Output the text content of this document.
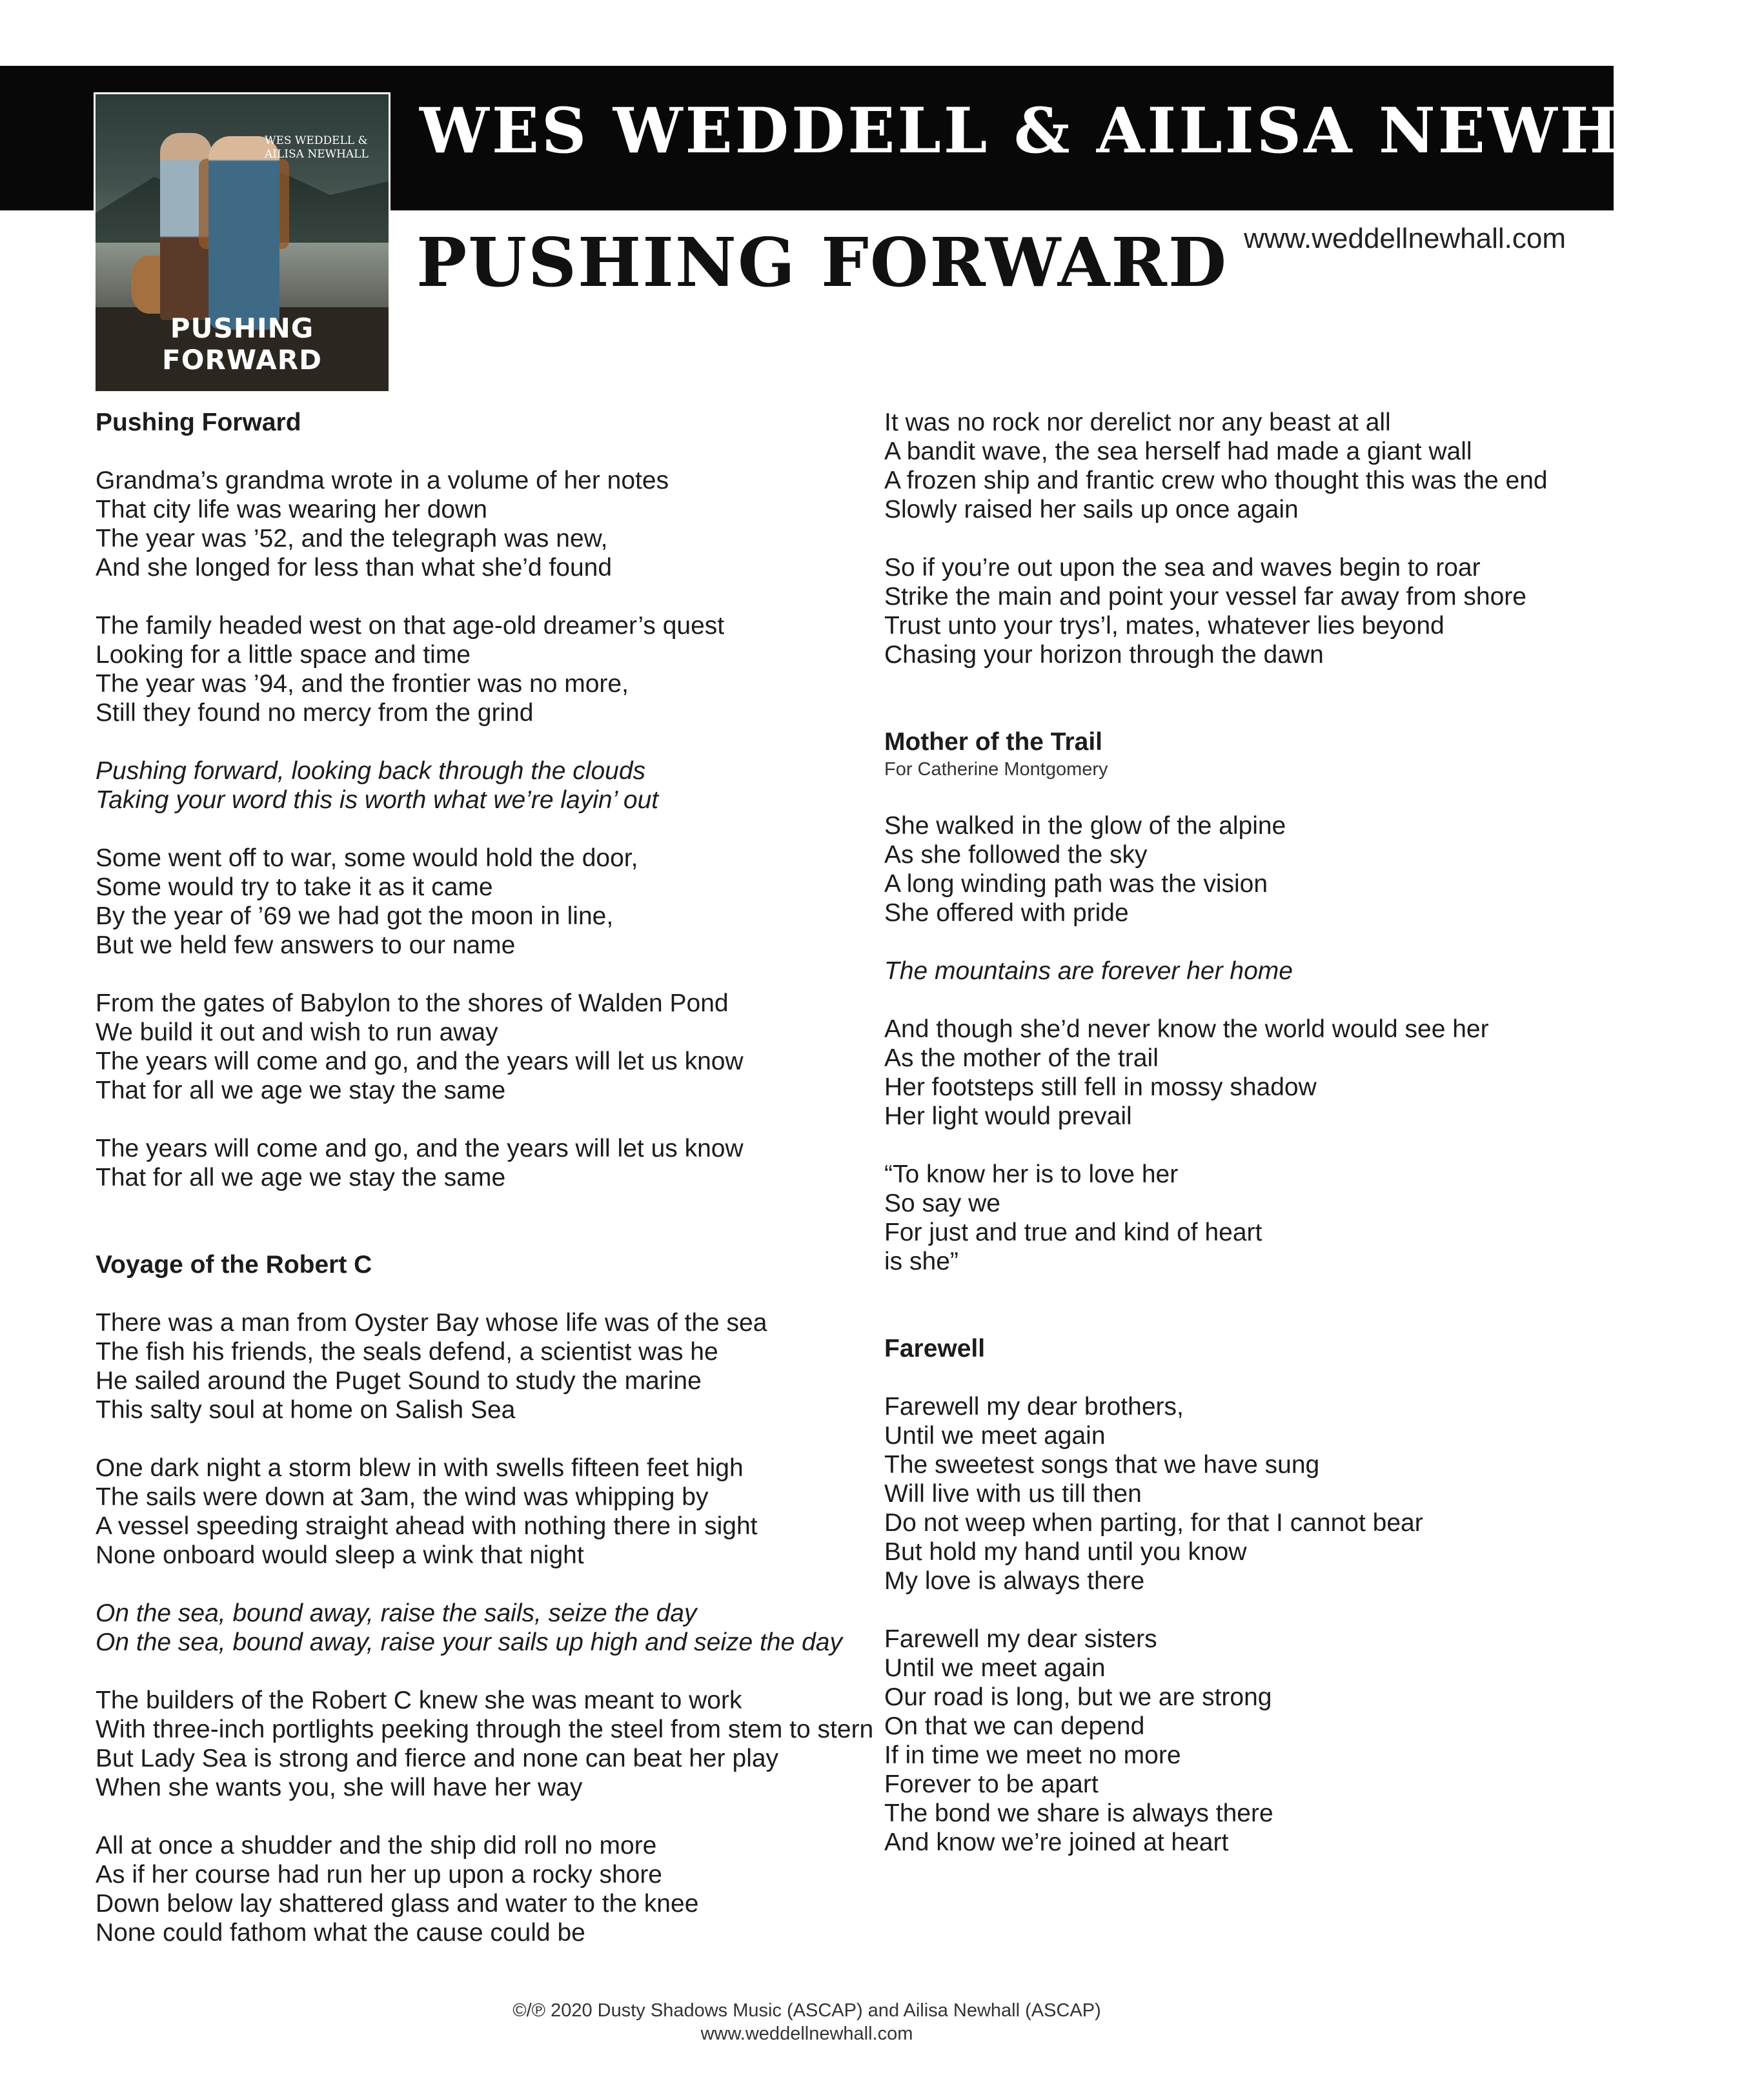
WES WEDDELL & AILISA NEWHALL

WES WEDDELL & AILISA NEWHALL

PUSHING FORWARD

PUSHING FORWARD www.weddellnewhall.com

Pushing Forward

Grandma’s grandma wrote in a volume of her notes
That city life was wearing her down
The year was ’52, and the telegraph was new,
And she longed for less than what she’d found
The family headed west on that age-old dreamer’s quest
Looking for a little space and time
The year was ’94, and the frontier was no more,
Still they found no mercy from the grind
Pushing forward, looking back through the clouds
Taking your word this is worth what we’re layin’ out
Some went off to war, some would hold the door,
Some would try to take it as it came
By the year of ’69 we had got the moon in line,
But we held few answers to our name
From the gates of Babylon to the shores of Walden Pond
We build it out and wish to run away
The years will come and go, and the years will let us know
That for all we age we stay the same
The years will come and go, and the years will let us know
That for all we age we stay the same

Voyage of the Robert C

There was a man from Oyster Bay whose life was of the sea
The fish his friends, the seals defend, a scientist was he
He sailed around the Puget Sound to study the marine
This salty soul at home on Salish Sea
One dark night a storm blew in with swells fifteen feet high
The sails were down at 3am, the wind was whipping by
A vessel speeding straight ahead with nothing there in sight
None onboard would sleep a wink that night
On the sea, bound away, raise the sails, seize the day
On the sea, bound away, raise your sails up high and seize the day
The builders of the Robert C knew she was meant to work
With three-inch portlights peeking through the steel from stem to stern
But Lady Sea is strong and fierce and none can beat her play
When she wants you, she will have her way
All at once a shudder and the ship did roll no more
As if her course had run her up upon a rocky shore
Down below lay shattered glass and water to the knee
None could fathom what the cause could be
It was no rock nor derelict nor any beast at all
A bandit wave, the sea herself had made a giant wall
A frozen ship and frantic crew who thought this was the end
Slowly raised her sails up once again
So if you’re out upon the sea and waves begin to roar
Strike the main and point your vessel far away from shore
Trust unto your trys’l, mates, whatever lies beyond
Chasing your horizon through the dawn

Mother of the Trail

For Catherine Montgomery

She walked in the glow of the alpine
As she followed the sky
A long winding path was the vision
She offered with pride
The mountains are forever her home
And though she’d never know the world would see her
As the mother of the trail
Her footsteps still fell in mossy shadow
Her light would prevail
“To know her is to love her
So say we
For just and true and kind of heart
is she”

Farewell

Farewell my dear brothers,
Until we meet again
The sweetest songs that we have sung
Will live with us till then
Do not weep when parting, for that I cannot bear
But hold my hand until you know
My love is always there
Farewell my dear sisters
Until we meet again
Our road is long, but we are strong
On that we can depend
If in time we meet no more
Forever to be apart
The bond we share is always there
And know we’re joined at heart
©/℗ 2020 Dusty Shadows Music (ASCAP) and Ailisa Newhall (ASCAP)
www.weddellnewhall.com
